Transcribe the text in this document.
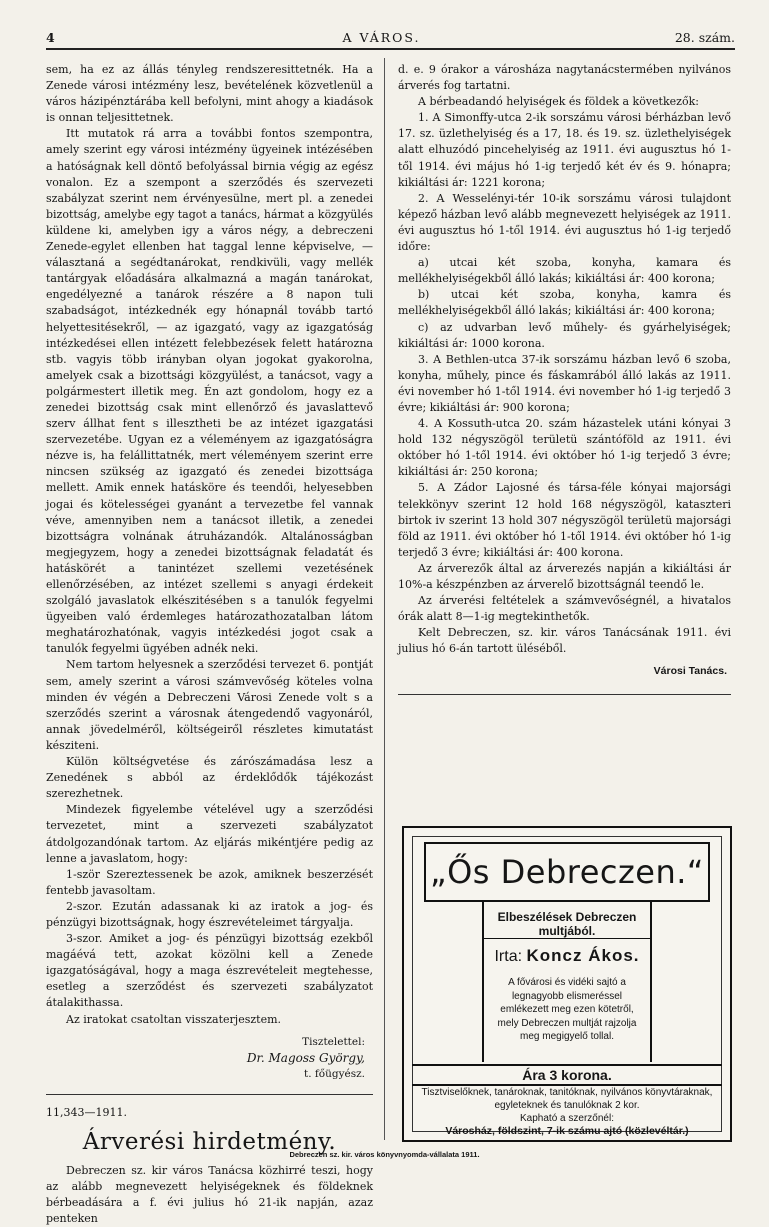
4	A VÁROS.	28. szám.

sem, ha ez az állás tényleg rendszeresittetnék. Ha a Zenede városi intézmény lesz, bevételének közvetlenül a város házipénztárába kell befolyni, mint ahogy a kiadások is onnan teljesittetnek.

Itt mutatok rá arra a további fontos szempontra, amely szerint egy városi intézmény ügyeinek intézésében a hatóságnak kell döntő befolyással birnia végig az egész vonalon. Ez a szempont a szerződés és szervezeti szabályzat szerint nem érvényesülne, mert pl. a zenedei bizottság, amelybe egy tagot a tanács, hármat a közgyülés küldene ki, amelyben igy a város négy, a debreczeni Zenede-egylet ellenben hat taggal lenne képviselve, — választaná a segédtanárokat, rendkivüli, vagy mellék tantárgyak előadására alkalmazná a magán tanárokat, engedélyezné a tanárok részére a 8 napon tuli szabadságot, intézkednék egy hónapnál tovább tartó helyettesitésekről, — az igazgató, vagy az igazgatóság intézkedései ellen intézett felebbezések felett határozna stb. vagyis több irányban olyan jogokat gyakorolna, amelyek csak a bizottsági közgyülést, a tanácsot, vagy a polgármestert illetik meg. Én azt gondolom, hogy ez a zenedei bizottság csak mint ellenőrző és javaslattevő szerv állhat fent s illesztheti be az intézet igazgatási szervezetébe. Ugyan ez a véleményem az igazgatóságra nézve is, ha felállittatnék, mert véleményem szerint erre nincsen szükség az igazgató és zenedei bizottsága mellett. Amik ennek hatásköre és teendői, helyesebben jogai és kötelességei gyanánt a tervezetbe fel vannak véve, amennyiben nem a tanácsot illetik, a zenedei bizottságra volnának átruházandók. Altalánosságban megjegyzem, hogy a zenedei bizottságnak feladatát és hatáskörét a tanintézet szellemi vezetésének ellenőrzésében, az intézet szellemi s anyagi érdekeit szolgáló javaslatok elkészitésében s a tanulók fegyelmi ügyeiben való érdemleges határozathozatalban látom meghatározhatónak, vagyis intézkedési jogot csak a tanulók fegyelmi ügyében adnék neki.

Nem tartom helyesnek a szerződési tervezet 6. pontját sem, amely szerint a városi számvevőség köteles volna minden év végén a Debreczeni Városi Zenede volt s a szerződés szerint a városnak átengedendő vagyonáról, annak jövedelméről, költségeiről részletes kimutatást késziteni.

Külön költségvetése és zárószámadása lesz a Zenedének s abból az érdeklődők tájékozást szerezhetnek.

Mindezek figyelembe vételével ugy a szerződési tervezetet, mint a szervezeti szabályzatot átdolgozandónak tartom. Az eljárás mikéntjére pedig az lenne a javaslatom, hogy:

1-ször Szereztessenek be azok, amiknek beszerzését fentebb javasoltam.

2-szor. Ezután adassanak ki az iratok a jog- és pénzügyi bizottságnak, hogy észrevételeimet tárgyalja.

3-szor. Amiket a jog- és pénzügyi bizottság ezekből magáévá tett, azokat közölni kell a Zenede igazgatóságával, hogy a maga észrevételeit megtehesse, esetleg a szerződést és szervezeti szabályzatot átalakithassa.

Az iratokat csatoltan visszaterjesztem.

Tisztelettel:
Dr. Magoss György,
t. főügyész.
11,343—1911.
Árverési hirdetmény.

Debreczen sz. kir város Tanácsa közhirré teszi, hogy az alább megnevezett helyiségeknek és földeknek bérbeadására a f. évi julius hó 21-ik napján, azaz penteken

d. e. 9 órakor a városháza nagytanácstermében nyilvános árverés fog tartatni.

A bérbeadandó helyiségek és földek a következők:

1. A Simonffy-utca 2-ik sorszámu városi bérházban levő 17. sz. üzlethelyiség és a 17, 18. és 19. sz. üzlethelyiségek alatt elhuzódó pincehelyiség az 1911. évi augusztus hó 1-től 1914. évi május hó 1-ig terjedő két év és 9. hónapra; kikiáltási ár: 1221 korona;

2. A Wesselényi-tér 10-ik sorszámu városi tulajdont képező házban levő alább megnevezett helyiségek az 1911. évi augusztus hó 1-től 1914. évi augusztus hó 1-ig terjedő időre:

a) utcai két szoba, konyha, kamara és mellékhelyiségekből álló lakás; kikiáltási ár: 400 korona;

b) utcai két szoba, konyha, kamra és mellékhelyiségekből álló lakás; kikiáltási ár: 400 korona;

c) az udvarban levő műhely- és gyárhelyiségek; kikiáltási ár: 1000 korona.

3. A Bethlen-utca 37-ik sorszámu házban levő 6 szoba, konyha, műhely, pince és fáskamrából álló lakás az 1911. évi november hó 1-től 1914. évi november hó 1-ig terjedő 3 évre; kikiáltási ár: 900 korona;

4. A Kossuth-utca 20. szám házastelek utáni kónyai 3 hold 132 négyszögöl területü szántóföld az 1911. évi október hó 1-től 1914. évi október hó 1-ig terjedő 3 évre; kikiáltási ár: 250 korona;

5. A Zádor Lajosné és társa-féle kónyai majorsági telekkönyv szerint 12 hold 168 négyszögöl, kataszteri birtok iv szerint 13 hold 307 négyszögöl területü majorsági föld az 1911. évi október hó 1-től 1914. évi október hó 1-ig terjedő 3 évre; kikiáltási ár: 400 korona.

Az árverezők által az árverezés napján a kikiáltási ár 10%-a készpénzben az árverelő bizottságnál teendő le.

Az árverési feltételek a számvevőségnél, a hivatalos órák alatt 8—1-ig megtekinthetők.

Kelt Debreczen, sz. kir. város Tanácsának 1911. évi julius hó 6-án tartott üléséből.

Városi Tanács.
„Ős Debreczen.“
Elbeszélések Debreczen multjából.
Irta: Koncz Ákos.
A fővárosi és vidéki sajtó a legnagyobb elismeréssel emlékezett meg ezen kötetről, mely Debreczen multját rajzolja meg megigyelő tollal.
Ára 3 korona.
Tisztviselőknek, tanároknak, tanitóknak, nyilvános könyvtáraknak, egyleteknek és tanulóknak 2 kor.
Kapható a szerzőnél:
Városház, földszint, 7-ik számu ajtó (közlevéltár.)
Debreczen sz. kir. város könyvnyomda-vállalata 1911.
